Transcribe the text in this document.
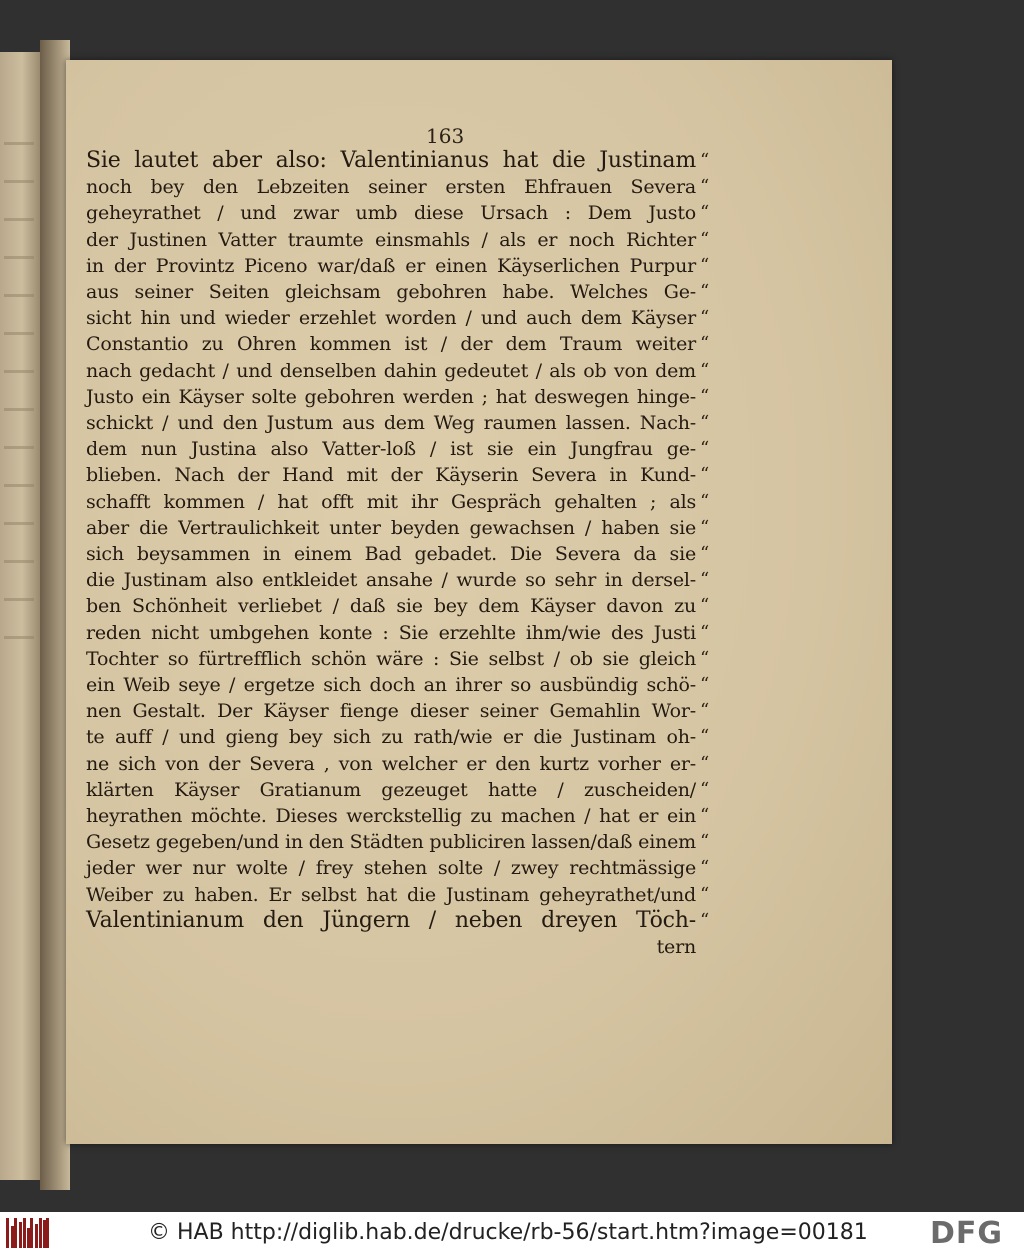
163
Sie lautet aber also: Valentinianus hat die Justinam
noch bey den Lebzeiten seiner ersten Ehfrauen Severa
geheyrathet / und zwar umb diese Ursach : Dem Justo
der Justinen Vatter traumte einsmahls / als er noch Richter
in der Provintz Piceno war/daß er einen Käyserlichen Purpur
aus seiner Seiten gleichsam gebohren habe. Welches Ge-
sicht hin und wieder erzehlet worden / und auch dem Käyser
Constantio zu Ohren kommen ist / der dem Traum weiter
nach gedacht / und denselben dahin gedeutet / als ob von dem
Justo ein Käyser solte gebohren werden ; hat deswegen hinge-
schickt / und den Justum aus dem Weg raumen lassen. Nach-
dem nun Justina also Vatter-loß / ist sie ein Jungfrau ge-
blieben. Nach der Hand mit der Käyserin Severa in Kund-
schafft kommen / hat offt mit ihr Gespräch gehalten ; als
aber die Vertraulichkeit unter beyden gewachsen / haben sie
sich beysammen in einem Bad gebadet. Die Severa da sie
die Justinam also entkleidet ansahe / wurde so sehr in dersel-
ben Schönheit verliebet / daß sie bey dem Käyser davon zu
reden nicht umbgehen konte : Sie erzehlte ihm/wie des Justi
Tochter so fürtrefflich schön wäre : Sie selbst / ob sie gleich
ein Weib seye / ergetze sich doch an ihrer so ausbündig schö-
nen Gestalt. Der Käyser fienge dieser seiner Gemahlin Wor-
te auff / und gieng bey sich zu rath/wie er die Justinam oh-
ne sich von der Severa , von welcher er den kurtz vorher er-
klärten Käyser Gratianum gezeuget hatte / zuscheiden/
heyrathen möchte. Dieses werckstellig zu machen / hat er ein
Gesetz gegeben/und in den Städten publiciren lassen/daß einem
jeder wer nur wolte / frey stehen solte / zwey rechtmässige
Weiber zu haben. Er selbst hat die Justinam geheyrathet/und
Valentinianum den Jüngern / neben dreyen Töch-
tern
“
“
“
“
“
“
“
“
“
“
“
“
“
“
“
“
“
“
“
“
“
“
“
“
“
“
“
“
“
“
© HAB http://diglib.hab.de/drucke/rb-56/start.htm?image=00181 DFG
